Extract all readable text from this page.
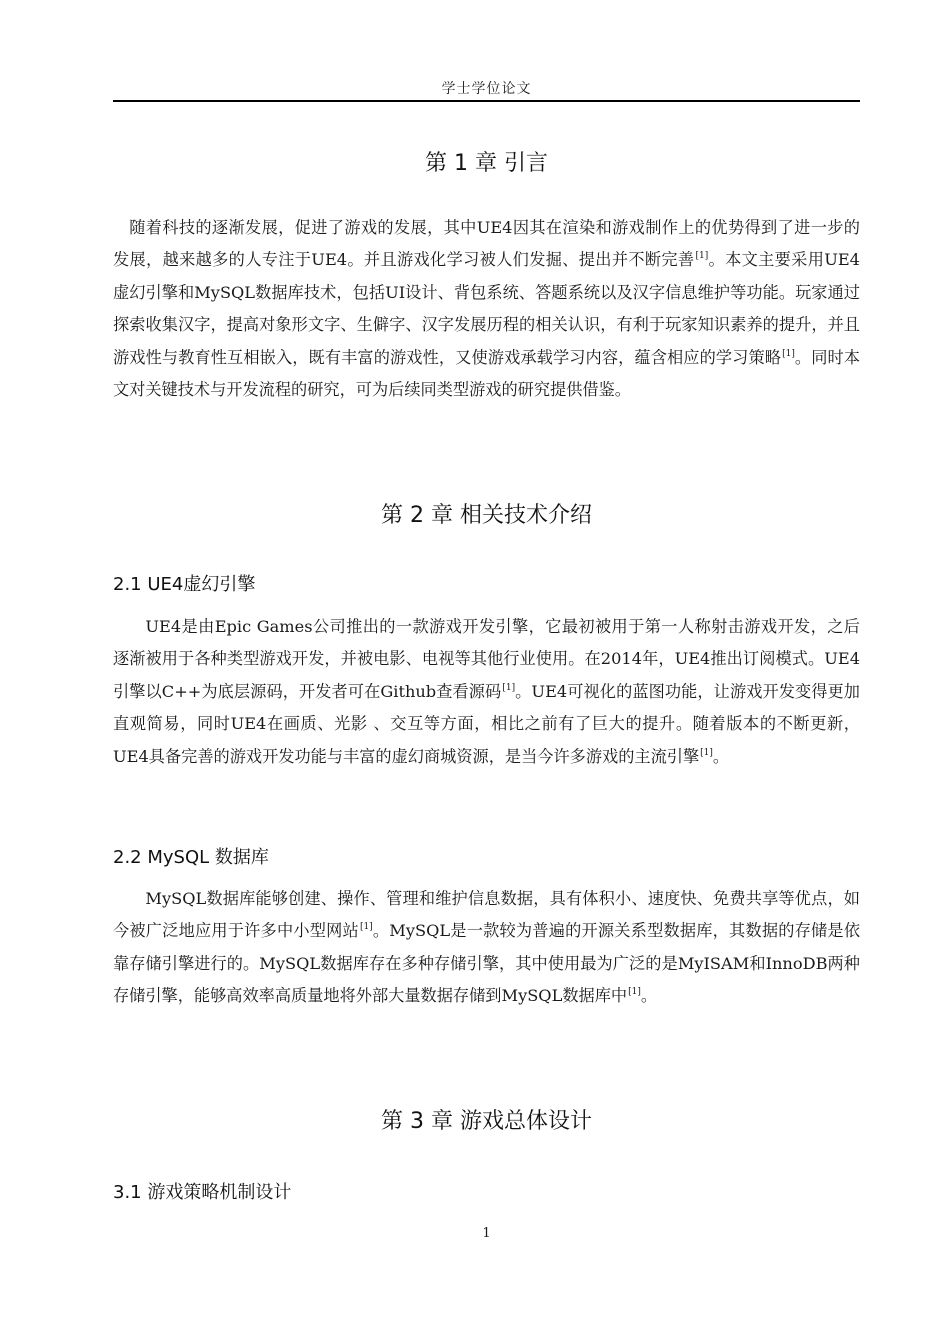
学士学位论文
第 1 章 引言

随着科技的逐渐发展，促进了游戏的发展，其中UE4因其在渲染和游戏制作上的优势得到了进一步的发展，越来越多的人专注于UE4。并且游戏化学习被人们发掘、提出并不断完善[1]。本文主要采用UE4虚幻引擎和MySQL数据库技术，包括UI设计、背包系统、答题系统以及汉字信息维护等功能。玩家通过探索收集汉字，提高对象形文字、生僻字、汉字发展历程的相关认识，有利于玩家知识素养的提升，并且游戏性与教育性互相嵌入，既有丰富的游戏性，又使游戏承载学习内容，蕴含相应的学习策略[1]。同时本文对关键技术与开发流程的研究，可为后续同类型游戏的研究提供借鉴。

第 2 章 相关技术介绍
2.1 UE4虚幻引擎

UE4是由Epic Games公司推出的一款游戏开发引擎，它最初被用于第一人称射击游戏开发，之后逐渐被用于各种类型游戏开发，并被电影、电视等其他行业使用。在2014年，UE4推出订阅模式。UE4引擎以C++为底层源码，开发者可在Github查看源码[1]。UE4可视化的蓝图功能，让游戏开发变得更加直观简易，同时UE4在画质、光影 、交互等方面，相比之前有了巨大的提升。随着版本的不断更新，UE4具备完善的游戏开发功能与丰富的虚幻商城资源，是当今许多游戏的主流引擎[1]。

2.2 MySQL 数据库

MySQL数据库能够创建、操作、管理和维护信息数据，具有体积小、速度快、免费共享等优点，如今被广泛地应用于许多中小型网站[1]。MySQL是一款较为普遍的开源关系型数据库，其数据的存储是依靠存储引擎进行的。MySQL数据库存在多种存储引擎，其中使用最为广泛的是MyISAM和InnoDB两种存储引擎，能够高效率高质量地将外部大量数据存储到MySQL数据库中[1]。

第 3 章 游戏总体设计
3.1 游戏策略机制设计
1
